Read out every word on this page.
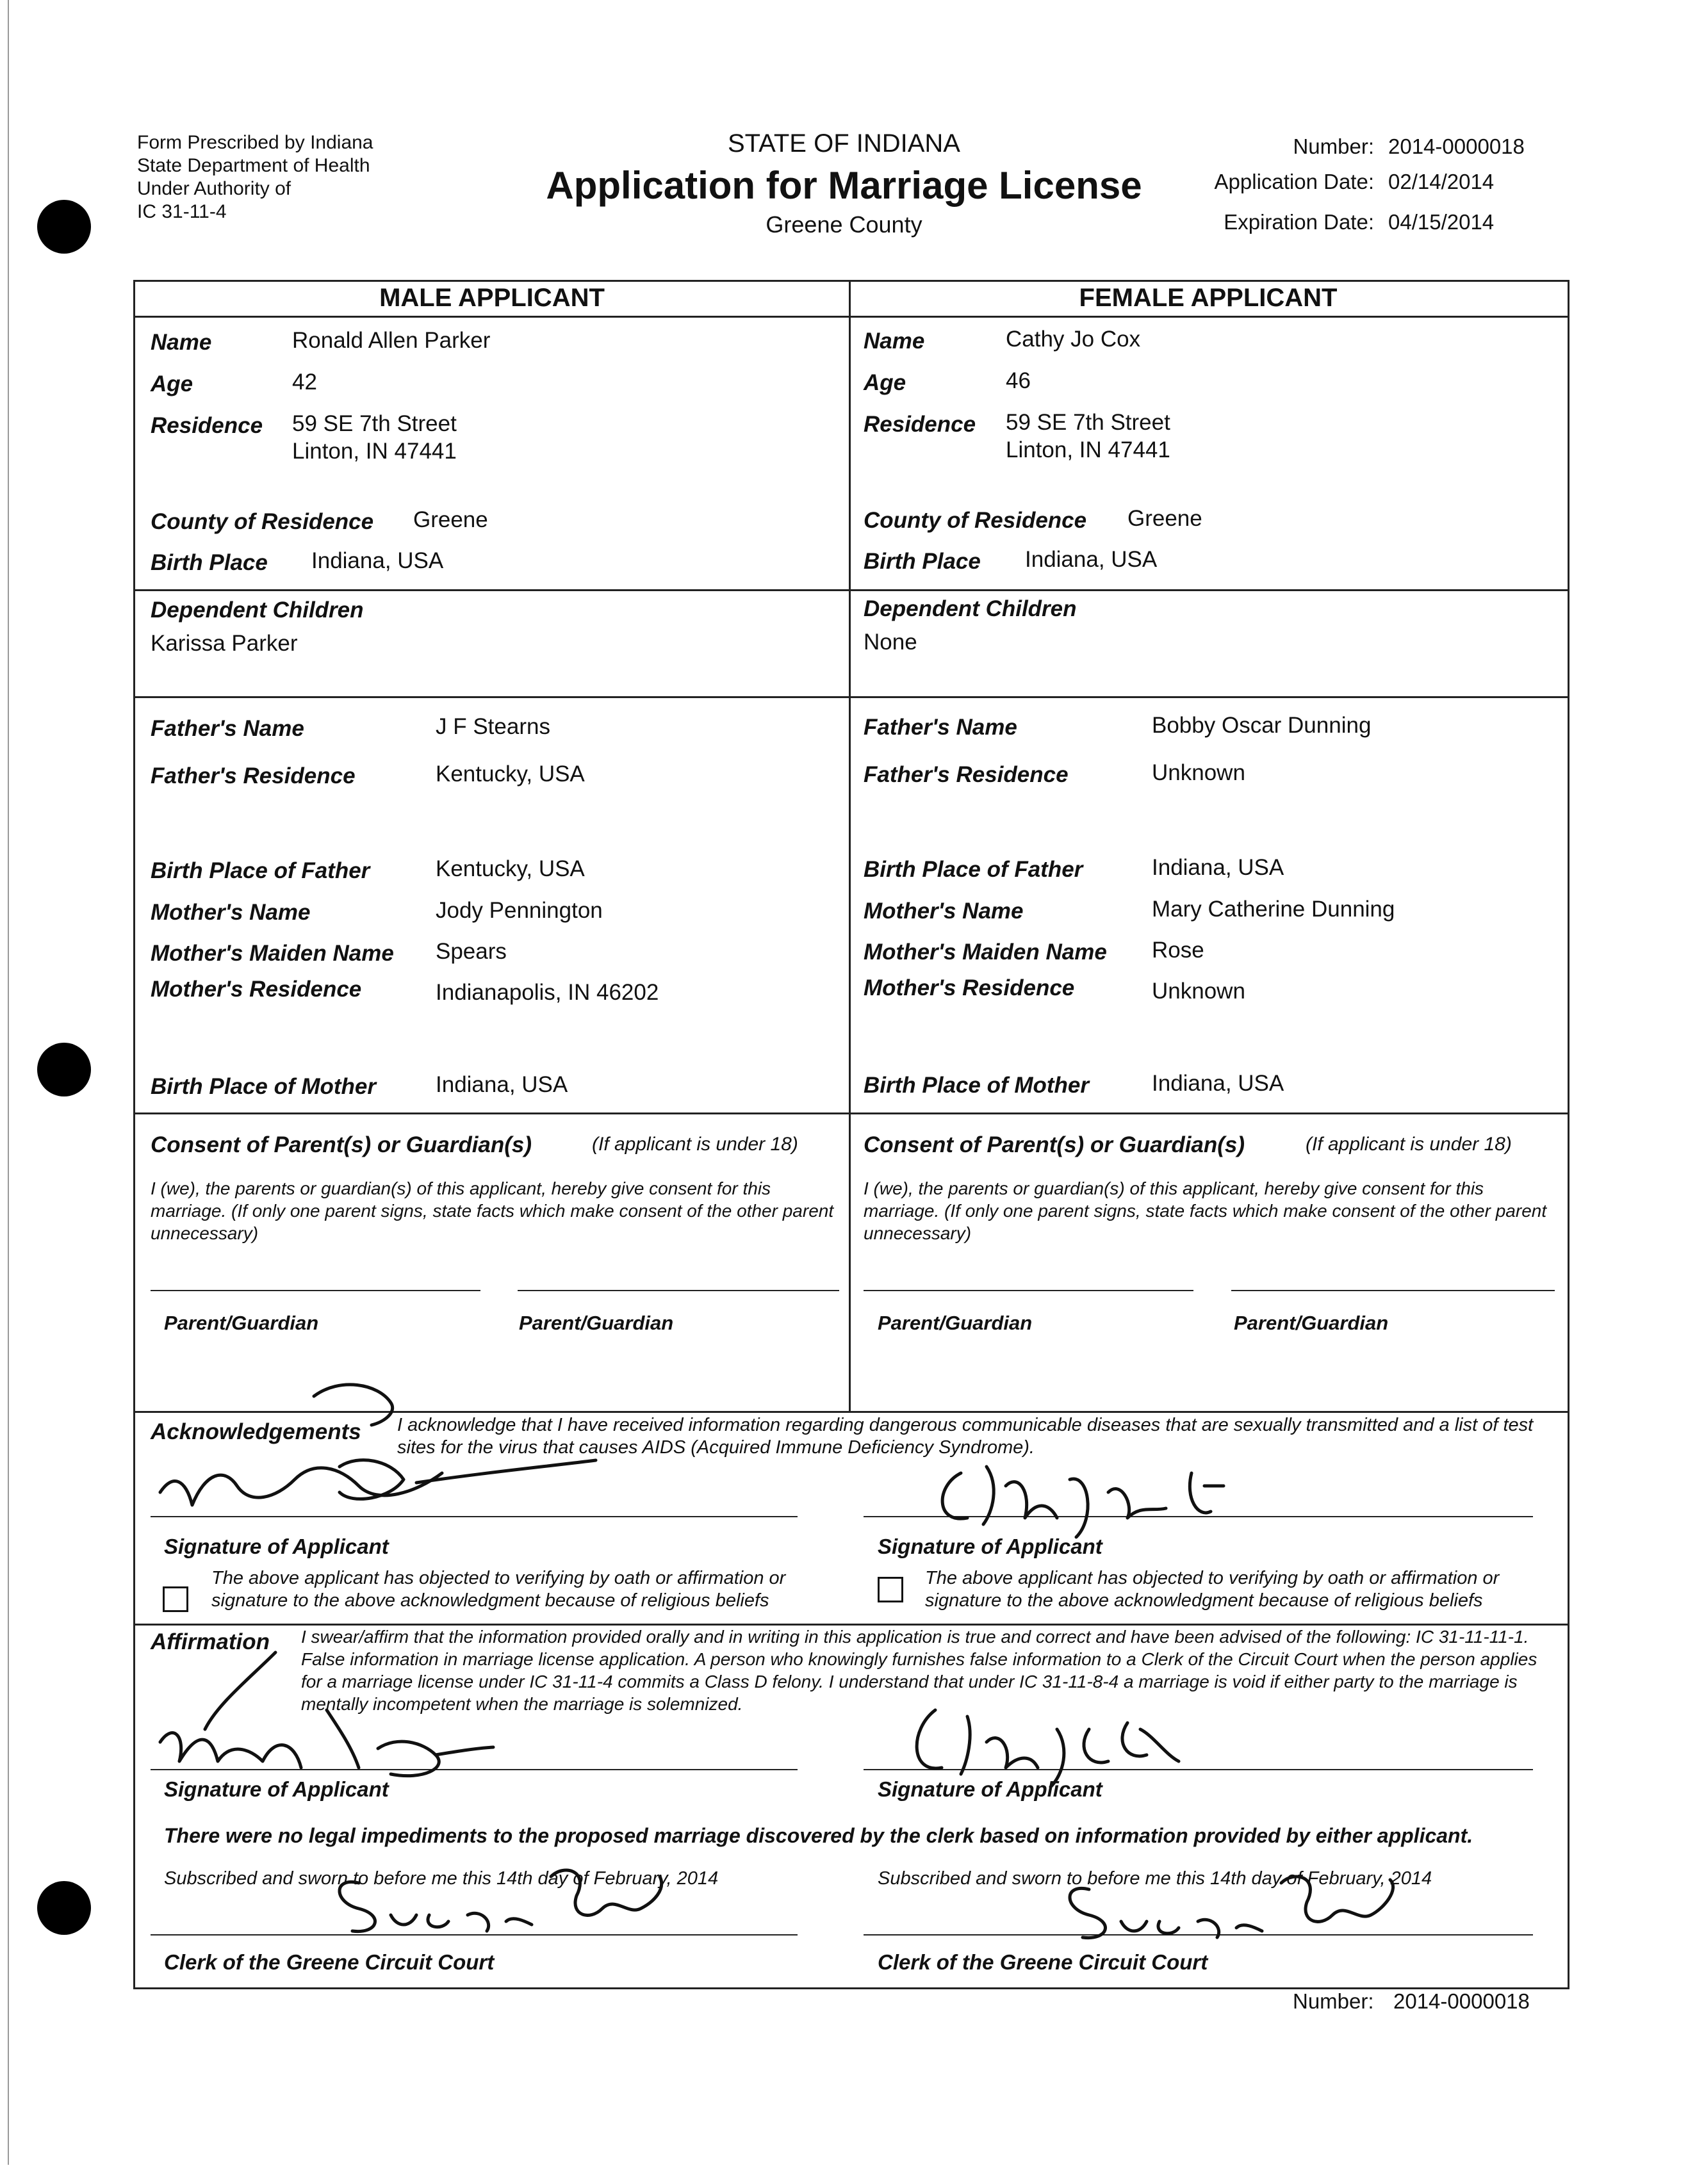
Form Prescribed by Indiana
State Department of Health
Under Authority of
IC 31-11-4
STATE OF INDIANA
Application for Marriage License
Greene County
Number: 2014-0000018
Application Date: 02/14/2014
Expiration Date: 04/15/2014
MALE APPLICANT	FEMALE APPLICANT
Name	Ronald Allen Parker
Age	42
Residence 59 SE 7th Street
Linton, IN 47441
County of Residence Greene
Birth Place Indiana, USA
Dependent Children
Karissa Parker
Father's Name	J F Stearns
Father's Residence	Kentucky, USA
Birth Place of Father	Kentucky, USA
Mother's Name	Jody Pennington
Mother's Maiden Name Spears
Mother's Residence	Indianapolis, IN 46202
Birth Place of Mother	Indiana, USA
Name	Cathy Jo Cox
Age	46
Residence 59 SE 7th Street
Linton, IN 47441
County of Residence Greene
Birth Place Indiana, USA
Dependent Children
None
Father's Name	Bobby Oscar Dunning
Father's Residence	Unknown
Birth Place of Father	Indiana, USA
Mother's Name	Mary Catherine Dunning
Mother's Maiden Name Rose
Mother's Residence	Unknown
Birth Place of Mother	Indiana, USA
Consent of Parent(s) or Guardian(s)	(If applicant is under 18)
I (we), the parents or guardian(s) of this applicant, hereby give consent for this marriage. (If only one parent signs, state facts which make consent of the other parent unnecessary)
Parent/Guardian	Parent/Guardian
Consent of Parent(s) or Guardian(s)	(If applicant is under 18)
I (we), the parents or guardian(s) of this applicant, hereby give consent for this marriage. (If only one parent signs, state facts which make consent of the other parent unnecessary)
Parent/Guardian	Parent/Guardian
Acknowledgements I acknowledge that I have received information regarding dangerous communicable diseases that are sexually transmitted and a list of test sites for the virus that causes AIDS (Acquired Immune Deficiency Syndrome).
Signature of Applicant	Signature of Applicant
The above applicant has objected to verifying by oath or affirmation or signature to the above acknowledgment because of religious beliefs
The above applicant has objected to verifying by oath or affirmation or signature to the above acknowledgment because of religious beliefs
Affirmation I swear/affirm that the information provided orally and in writing in this application is true and correct and have been advised of the following: IC 31-11-11-1. False information in marriage license application. A person who knowingly furnishes false information to a Clerk of the Circuit Court when the person applies for a marriage license under IC 31-11-4 commits a Class D felony. I understand that under IC 31-11-8-4 a marriage is void if either party to the marriage is mentally incompetent when the marriage is solemnized.
Signature of Applicant	Signature of Applicant
There were no legal impediments to the proposed marriage discovered by the clerk based on information provided by either applicant.
Subscribed and sworn to before me this 14th day of February, 2014	Subscribed and sworn to before me this 14th day of February, 2014
Clerk of the Greene Circuit Court	Clerk of the Greene Circuit Court
Number: 2014-0000018
